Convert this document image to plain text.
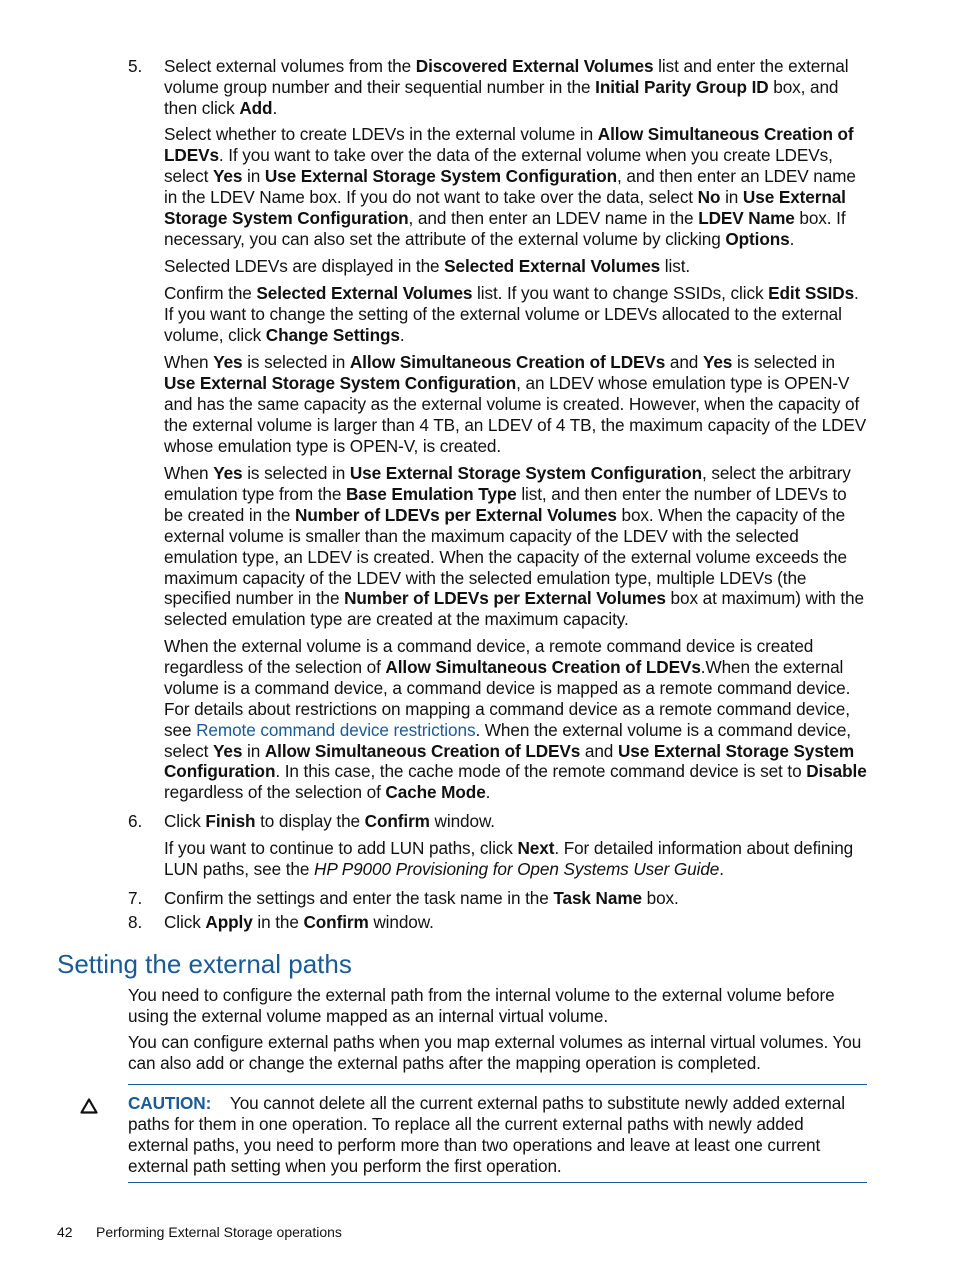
5. Select external volumes from the Discovered External Volumes list and enter the external volume group number and their sequential number in the Initial Parity Group ID box, and then click Add.

Select whether to create LDEVs in the external volume in Allow Simultaneous Creation of LDEVs. If you want to take over the data of the external volume when you create LDEVs, select Yes in Use External Storage System Configuration, and then enter an LDEV name in the LDEV Name box. If you do not want to take over the data, select No in Use External Storage System Configuration, and then enter an LDEV name in the LDEV Name box. If necessary, you can also set the attribute of the external volume by clicking Options.

Selected LDEVs are displayed in the Selected External Volumes list.

Confirm the Selected External Volumes list. If you want to change SSIDs, click Edit SSIDs. If you want to change the setting of the external volume or LDEVs allocated to the external volume, click Change Settings.

When Yes is selected in Allow Simultaneous Creation of LDEVs and Yes is selected in Use External Storage System Configuration, an LDEV whose emulation type is OPEN-V and has the same capacity as the external volume is created. However, when the capacity of the external volume is larger than 4 TB, an LDEV of 4 TB, the maximum capacity of the LDEV whose emulation type is OPEN-V, is created.

When Yes is selected in Use External Storage System Configuration, select the arbitrary emulation type from the Base Emulation Type list, and then enter the number of LDEVs to be created in the Number of LDEVs per External Volumes box. When the capacity of the external volume is smaller than the maximum capacity of the LDEV with the selected emulation type, an LDEV is created. When the capacity of the external volume exceeds the maximum capacity of the LDEV with the selected emulation type, multiple LDEVs (the specified number in the Number of LDEVs per External Volumes box at maximum) with the selected emulation type are created at the maximum capacity.

When the external volume is a command device, a remote command device is created regardless of the selection of Allow Simultaneous Creation of LDEVs.When the external volume is a command device, a command device is mapped as a remote command device. For details about restrictions on mapping a command device as a remote command device, see Remote command device restrictions. When the external volume is a command device, select Yes in Allow Simultaneous Creation of LDEVs and Use External Storage System Configuration. In this case, the cache mode of the remote command device is set to Disable regardless of the selection of Cache Mode.

6. Click Finish to display the Confirm window.

If you want to continue to add LUN paths, click Next. For detailed information about defining LUN paths, see the HP P9000 Provisioning for Open Systems User Guide.

7. Confirm the settings and enter the task name in the Task Name box.

8. Click Apply in the Confirm window.

Setting the external paths

You need to configure the external path from the internal volume to the external volume before using the external volume mapped as an internal virtual volume.

You can configure external paths when you map external volumes as internal virtual volumes. You can also add or change the external paths after the mapping operation is completed.

CAUTION: You cannot delete all the current external paths to substitute newly added external paths for them in one operation. To replace all the current external paths with newly added external paths, you need to perform more than two operations and leave at least one current external path setting when you perform the first operation.

42 Performing External Storage operations
